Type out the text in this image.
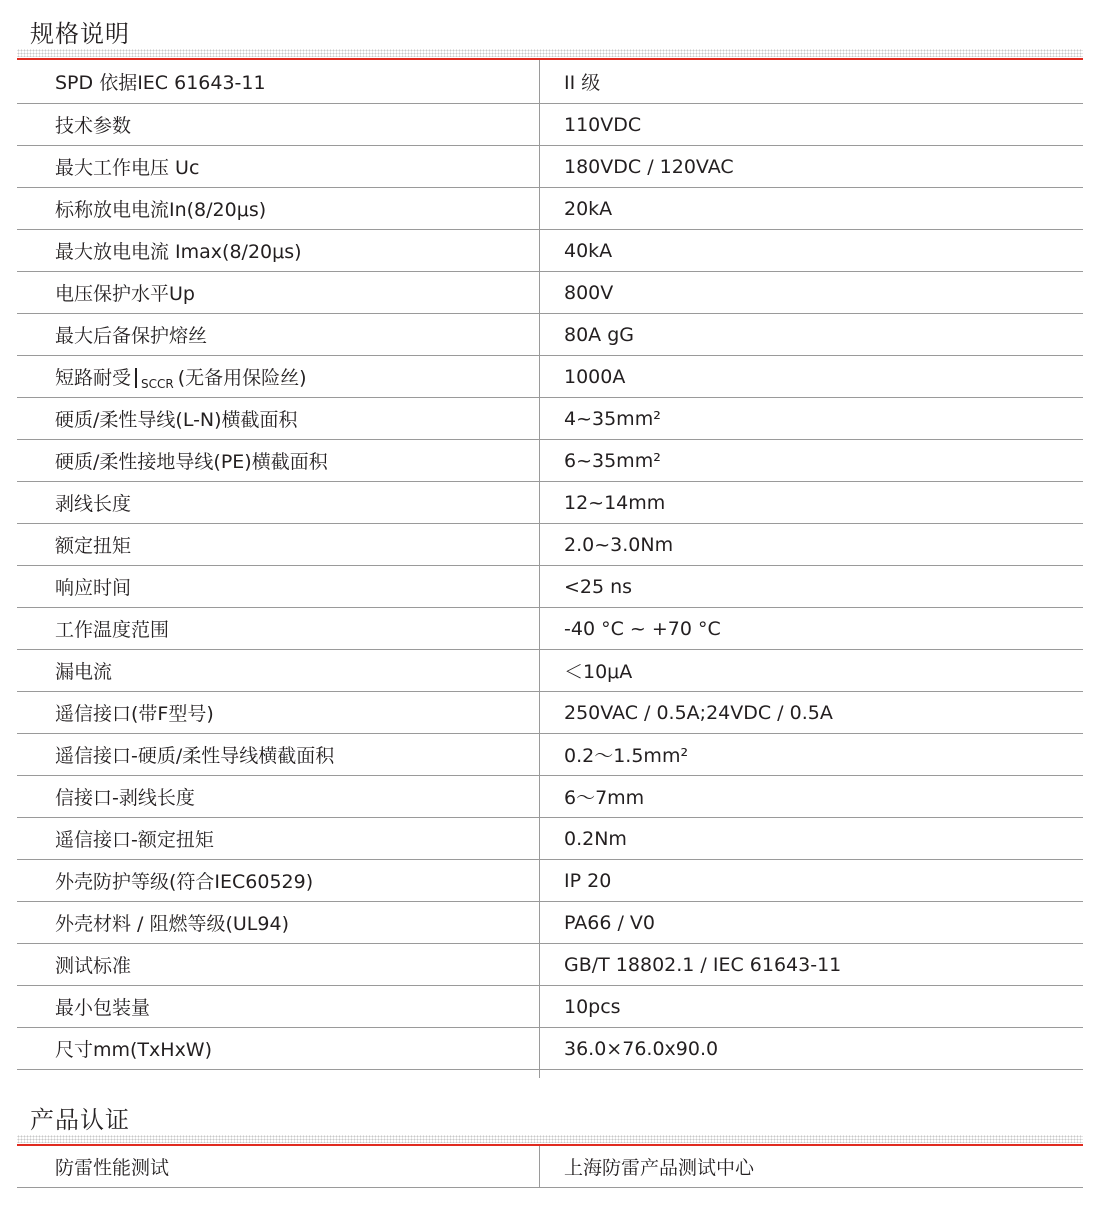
规格说明
SPD 依据IEC 61643-11	II 级
技术参数	110VDC
最大工作电压 Uc	180VDC / 120VAC
标称放电电流In(8/20μs)	20kA
最大放电电流 Imax(8/20μs)	40kA
电压保护水平Up	800V
最大后备保护熔丝	80A gG
短路耐受 SCCR (无备用保险丝)	1000A
硬质/柔性导线(L-N)横截面积	4~35mm²
硬质/柔性接地导线(PE)横截面积	6~35mm²
剥线长度	12~14mm
额定扭矩	2.0~3.0Nm
响应时间	<25 ns
工作温度范围	-40 °C ~ +70 °C
漏电流	＜10μA
遥信接口(带F型号)	250VAC / 0.5A;24VDC / 0.5A
遥信接口-硬质/柔性导线横截面积	0.2～1.5mm²
信接口-剥线长度	6～7mm
遥信接口-额定扭矩	0.2Nm
外壳防护等级(符合IEC60529)	IP 20
外壳材料 / 阻燃等级(UL94)	PA66 / V0
测试标准	GB/T 18802.1 / IEC 61643-11
最小包装量	10pcs
尺寸mm(TxHxW)	36.0×76.0x90.0
产品认证
防雷性能测试	上海防雷产品测试中心
